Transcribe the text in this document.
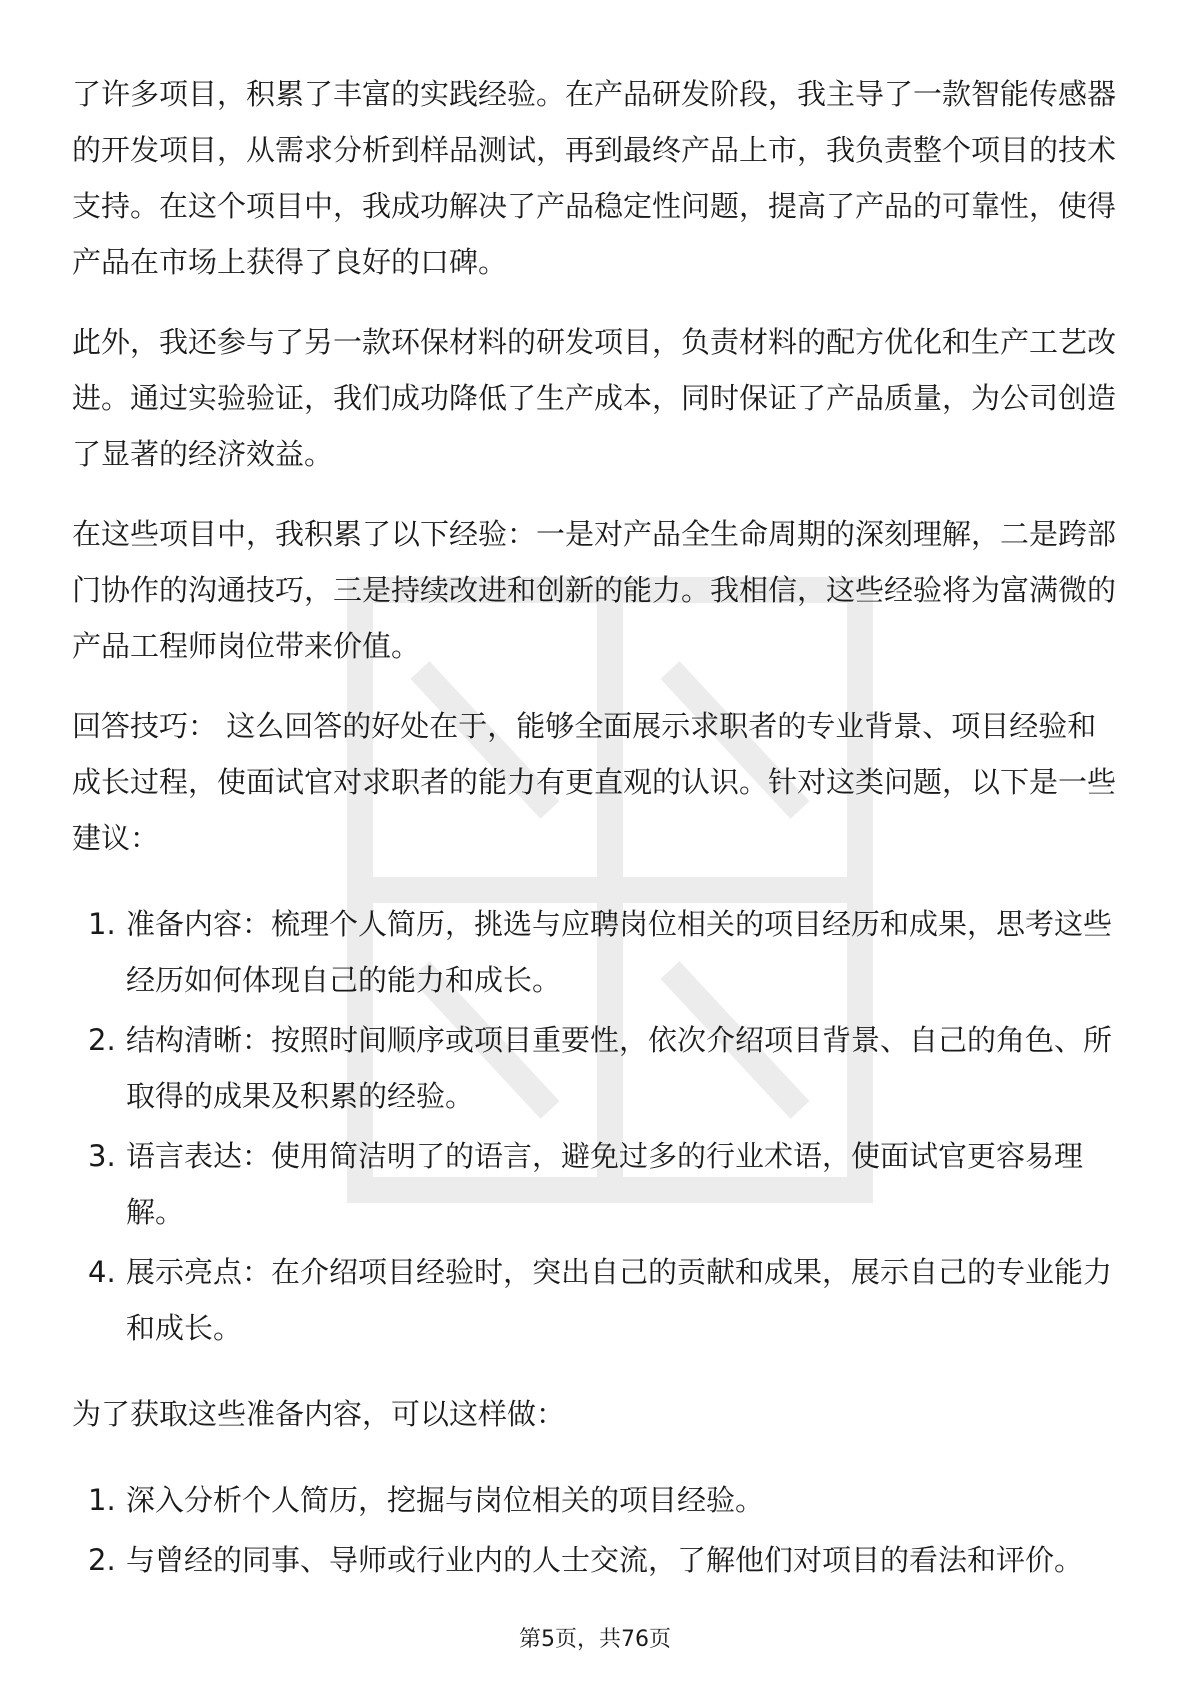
了许多项目，积累了丰富的实践经验。在产品研发阶段，我主导了一款智能传感器的开发项目，从需求分析到样品测试，再到最终产品上市，我负责整个项目的技术支持。在这个项目中，我成功解决了产品稳定性问题，提高了产品的可靠性，使得产品在市场上获得了良好的口碑。

此外，我还参与了另一款环保材料的研发项目，负责材料的配方优化和生产工艺改进。通过实验验证，我们成功降低了生产成本，同时保证了产品质量，为公司创造了显著的经济效益。

在这些项目中，我积累了以下经验：一是对产品全生命周期的深刻理解，二是跨部门协作的沟通技巧，三是持续改进和创新的能力。我相信，这些经验将为富满微的产品工程师岗位带来价值。

回答技巧： 这么回答的好处在于，能够全面展示求职者的专业背景、项目经验和成长过程，使面试官对求职者的能力有更直观的认识。针对这类问题，以下是一些建议：

1. 准备内容：梳理个人简历，挑选与应聘岗位相关的项目经历和成果，思考这些经历如何体现自己的能力和成长。
2. 结构清晰：按照时间顺序或项目重要性，依次介绍项目背景、自己的角色、所取得的成果及积累的经验。
3. 语言表达：使用简洁明了的语言，避免过多的行业术语，使面试官更容易理解。
4. 展示亮点：在介绍项目经验时，突出自己的贡献和成果，展示自己的专业能力和成长。

为了获取这些准备内容，可以这样做：

1. 深入分析个人简历，挖掘与岗位相关的项目经验。
2. 与曾经的同事、导师或行业内的人士交流，了解他们对项目的看法和评价。
第5页，共76页
